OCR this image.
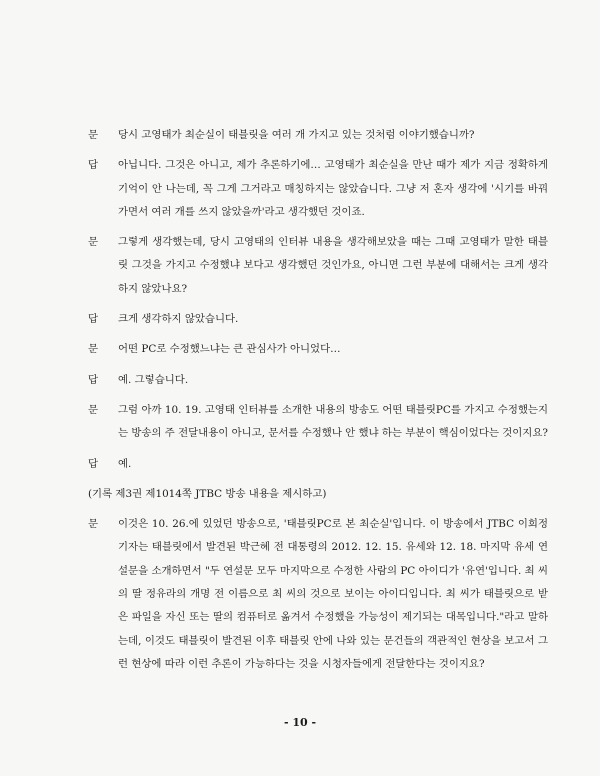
문	당시 고영태가 최순실이 태블릿을 여러 개 가지고 있는 것처럼 이야기했습니까?
답	아닙니다. 그것은 아니고, 제가 추론하기에… 고영태가 최순실을 만난 때가 제가 지금 정확하게 기억이 안 나는데, 꼭 그게 그거라고 매칭하지는 않았습니다. 그냥 저 혼자 생각에 '시기를 바꿔가면서 여러 개를 쓰지 않았을까'라고 생각했던 것이죠.
문	그렇게 생각했는데, 당시 고영태의 인터뷰 내용을 생각해보았을 때는 그때 고영태가 말한 태블릿 그것을 가지고 수정했냐 보다고 생각했던 것인가요, 아니면 그런 부분에 대해서는 크게 생각하지 않았나요?
답	크게 생각하지 않았습니다.
문	어떤 PC로 수정했느냐는 큰 관심사가 아니었다…
답	예. 그렇습니다.
문	그럼 아까 10. 19. 고영태 인터뷰를 소개한 내용의 방송도 어떤 태블릿PC를 가지고 수정했는지는 방송의 주 전달내용이 아니고, 문서를 수정했나 안 했냐 하는 부분이 핵심이었다는 것이지요?
답	예.
(기록 제3권 제1014쪽 JTBC 방송 내용을 제시하고)
문	이것은 10. 26.에 있었던 방송으로, '태블릿PC로 본 최순실'입니다. 이 방송에서 JTBC 이희정 기자는 태블릿에서 발견된 박근혜 전 대통령의 2012. 12. 15. 유세와 12. 18. 마지막 유세 연설문을 소개하면서 "두 연설문 모두 마지막으로 수정한 사람의 PC 아이디가 '유연'입니다. 최 씨의 딸 정유라의 개명 전 이름으로 최 씨의 것으로 보이는 아이디입니다. 최 씨가 태블릿으로 받은 파일을 자신 또는 딸의 컴퓨터로 옮겨서 수정했을 가능성이 제기되는 대목입니다."라고 말하는데, 이것도 태블릿이 발견된 이후 태블릿 안에 나와 있는 문건들의 객관적인 현상을 보고서 그런 현상에 따라 이런 추론이 가능하다는 것을 시청자들에게 전달한다는 것이지요?
- 10 -
